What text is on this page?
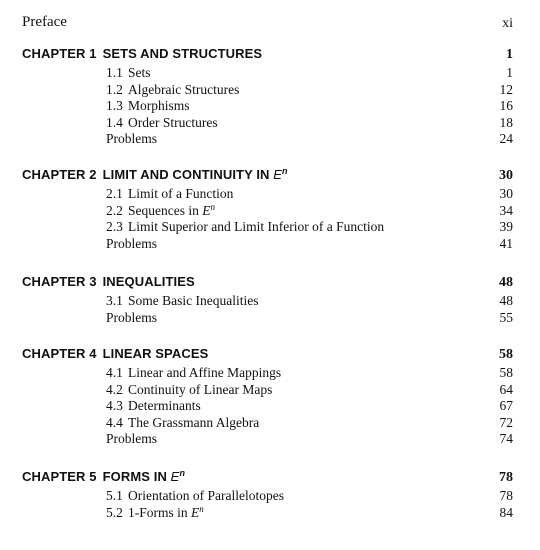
Preface	xi
CHAPTER 1 SETS AND STRUCTURES	1
1.1 Sets	1
1.2 Algebraic Structures	12
1.3 Morphisms	16
1.4 Order Structures	18
Problems	24
CHAPTER 2 LIMIT AND CONTINUITY IN $E^n$	30
2.1 Limit of a Function	30
2.2 Sequences in $E^n$	34
2.3 Limit Superior and Limit Inferior of a Function	39
Problems	41
CHAPTER 3 INEQUALITIES	48
3.1 Some Basic Inequalities	48
Problems	55
CHAPTER 4 LINEAR SPACES	58
4.1 Linear and Affine Mappings	58
4.2 Continuity of Linear Maps	64
4.3 Determinants	67
4.4 The Grassmann Algebra	72
Problems	74
CHAPTER 5 FORMS IN $E^n$	78
5.1 Orientation of Parallelotopes	78
5.2 1-Forms in $E^n$	84
